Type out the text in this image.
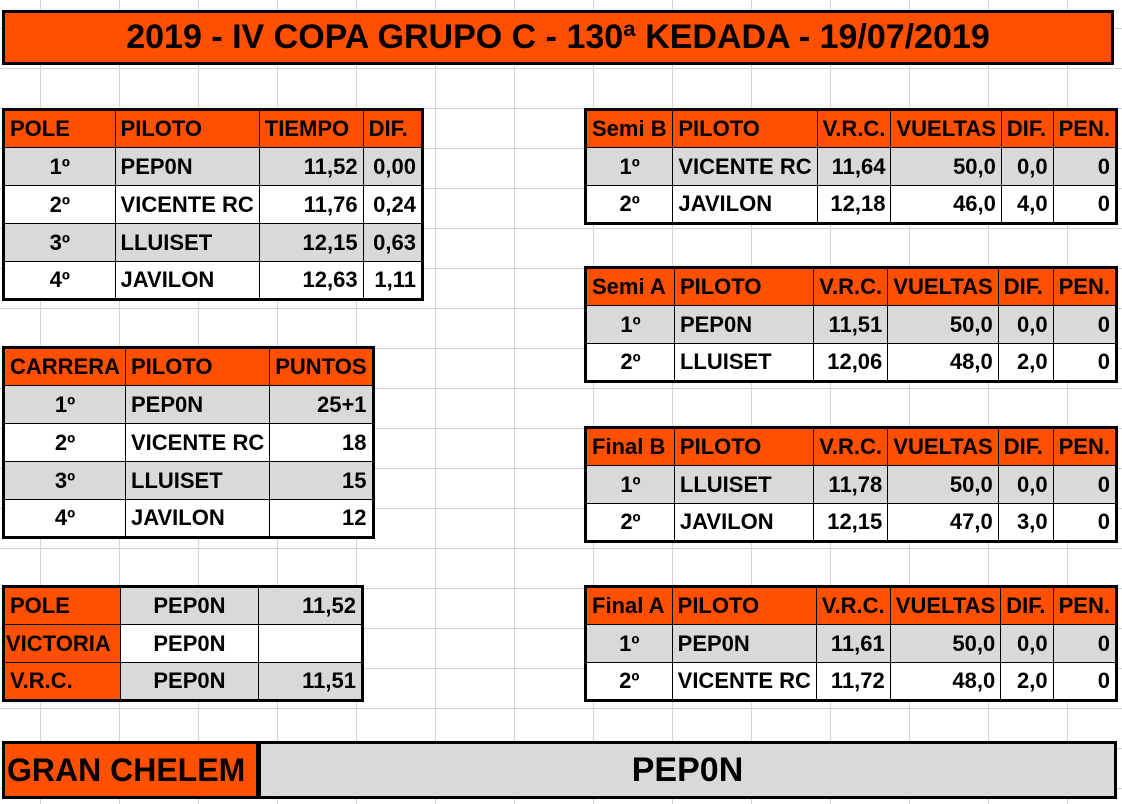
2019 - IV COPA GRUPO C - 130ª KEDADA - 19/07/2019
POLE	PILOTO	TIEMPO	DIF.
1º	PEP0N	11,52	0,00
2º	VICENTE RC	11,76	0,24
3º	LLUISET	12,15	0,63
4º	JAVILON	12,63	1,11
CARRERA	PILOTO	PUNTOS
1º	PEP0N	25+1
2º	VICENTE RC	18
3º	LLUISET	15
4º	JAVILON	12
POLE	PEP0N	11,52
VICTORIA	PEP0N	
V.R.C.	PEP0N	11,51
Semi B	PILOTO	V.R.C.	VUELTAS	DIF.	PEN.
1º	VICENTE RC	11,64	50,0	0,0	0
2º	JAVILON	12,18	46,0	4,0	0
Semi A	PILOTO	V.R.C.	VUELTAS	DIF.	PEN.
1º	PEP0N	11,51	50,0	0,0	0
2º	LLUISET	12,06	48,0	2,0	0
Final B	PILOTO	V.R.C.	VUELTAS	DIF.	PEN.
1º	LLUISET	11,78	50,0	0,0	0
2º	JAVILON	12,15	47,0	3,0	0
Final A	PILOTO	V.R.C.	VUELTAS	DIF.	PEN.
1º	PEP0N	11,61	50,0	0,0	0
2º	VICENTE RC	11,72	48,0	2,0	0
GRAN CHELEM	PEP0N
